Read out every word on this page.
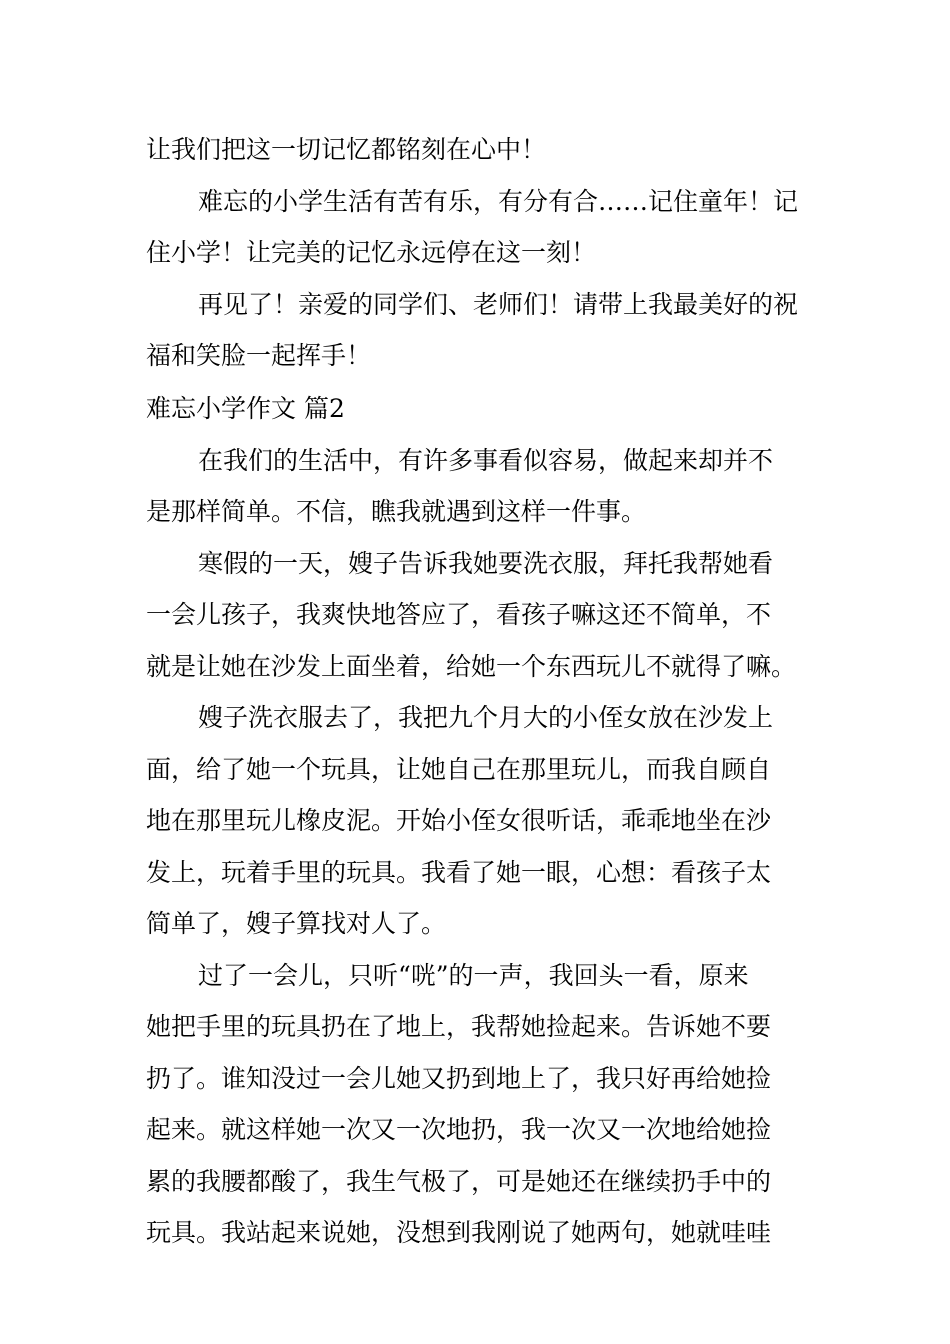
让我们把这一切记忆都铭刻在心中！
难忘的小学生活有苦有乐，有分有合……记住童年！记
住小学！让完美的记忆永远停在这一刻！
再见了！亲爱的同学们、老师们！请带上我最美好的祝
福和笑脸一起挥手！
难忘小学作文 篇2
在我们的生活中，有许多事看似容易，做起来却并不
是那样简单。不信，瞧我就遇到这样一件事。
寒假的一天，嫂子告诉我她要洗衣服，拜托我帮她看
一会儿孩子，我爽快地答应了，看孩子嘛这还不简单，不
就是让她在沙发上面坐着，给她一个东西玩儿不就得了嘛。
嫂子洗衣服去了，我把九个月大的小侄女放在沙发上
面，给了她一个玩具，让她自己在那里玩儿，而我自顾自
地在那里玩儿橡皮泥。开始小侄女很听话，乖乖地坐在沙
发上，玩着手里的玩具。我看了她一眼，心想：看孩子太
简单了，嫂子算找对人了。
过了一会儿，只听“咣”的一声，我回头一看，原来
她把手里的玩具扔在了地上，我帮她捡起来。告诉她不要
扔了。谁知没过一会儿她又扔到地上了，我只好再给她捡
起来。就这样她一次又一次地扔，我一次又一次地给她捡
累的我腰都酸了，我生气极了，可是她还在继续扔手中的
玩具。我站起来说她，没想到我刚说了她两句，她就哇哇
